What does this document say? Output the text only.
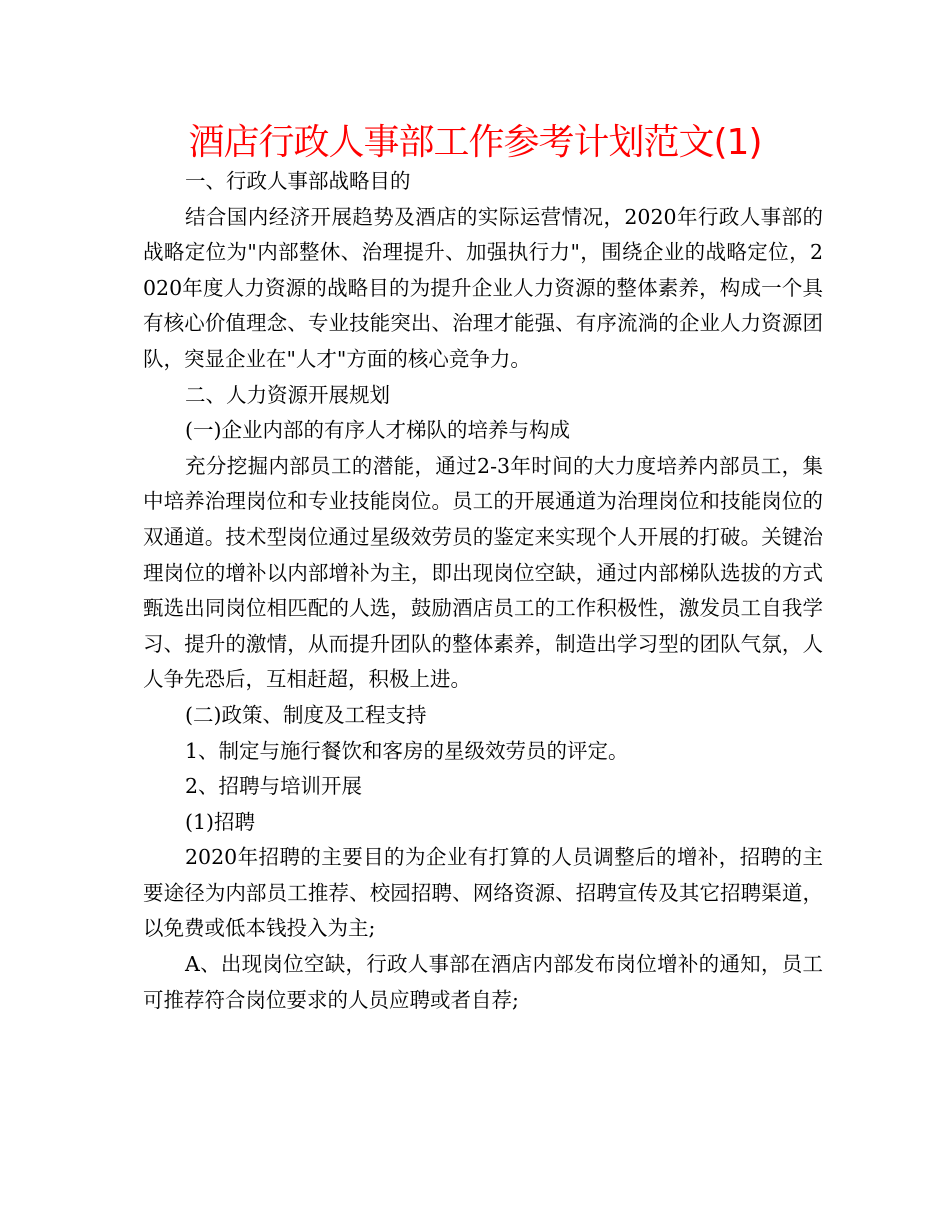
酒店行政人事部工作参考计划范文(1)

一、行政人事部战略目的

结合国内经济开展趋势及酒店的实际运营情况，2020年行政人事部的战略定位为"内部整休、治理提升、加强执行力"，围绕企业的战略定位，2020年度人力资源的战略目的为提升企业人力资源的整体素养，构成一个具有核心价值理念、专业技能突出、治理才能强、有序流淌的企业人力资源团队，突显企业在"人才"方面的核心竞争力。

二、人力资源开展规划

(一)企业内部的有序人才梯队的培养与构成

充分挖掘内部员工的潜能，通过2-3年时间的大力度培养内部员工，集中培养治理岗位和专业技能岗位。员工的开展通道为治理岗位和技能岗位的双通道。技术型岗位通过星级效劳员的鉴定来实现个人开展的打破。关键治理岗位的增补以内部增补为主，即出现岗位空缺，通过内部梯队选拔的方式甄选出同岗位相匹配的人选，鼓励酒店员工的工作积极性，激发员工自我学习、提升的激情，从而提升团队的整体素养，制造出学习型的团队气氛，人人争先恐后，互相赶超，积极上进。

(二)政策、制度及工程支持

1、制定与施行餐饮和客房的星级效劳员的评定。

2、招聘与培训开展

(1)招聘

2020年招聘的主要目的为企业有打算的人员调整后的增补，招聘的主要途径为内部员工推荐、校园招聘、网络资源、招聘宣传及其它招聘渠道，以免费或低本钱投入为主;

A、出现岗位空缺，行政人事部在酒店内部发布岗位增补的通知，员工可推荐符合岗位要求的人员应聘或者自荐;
